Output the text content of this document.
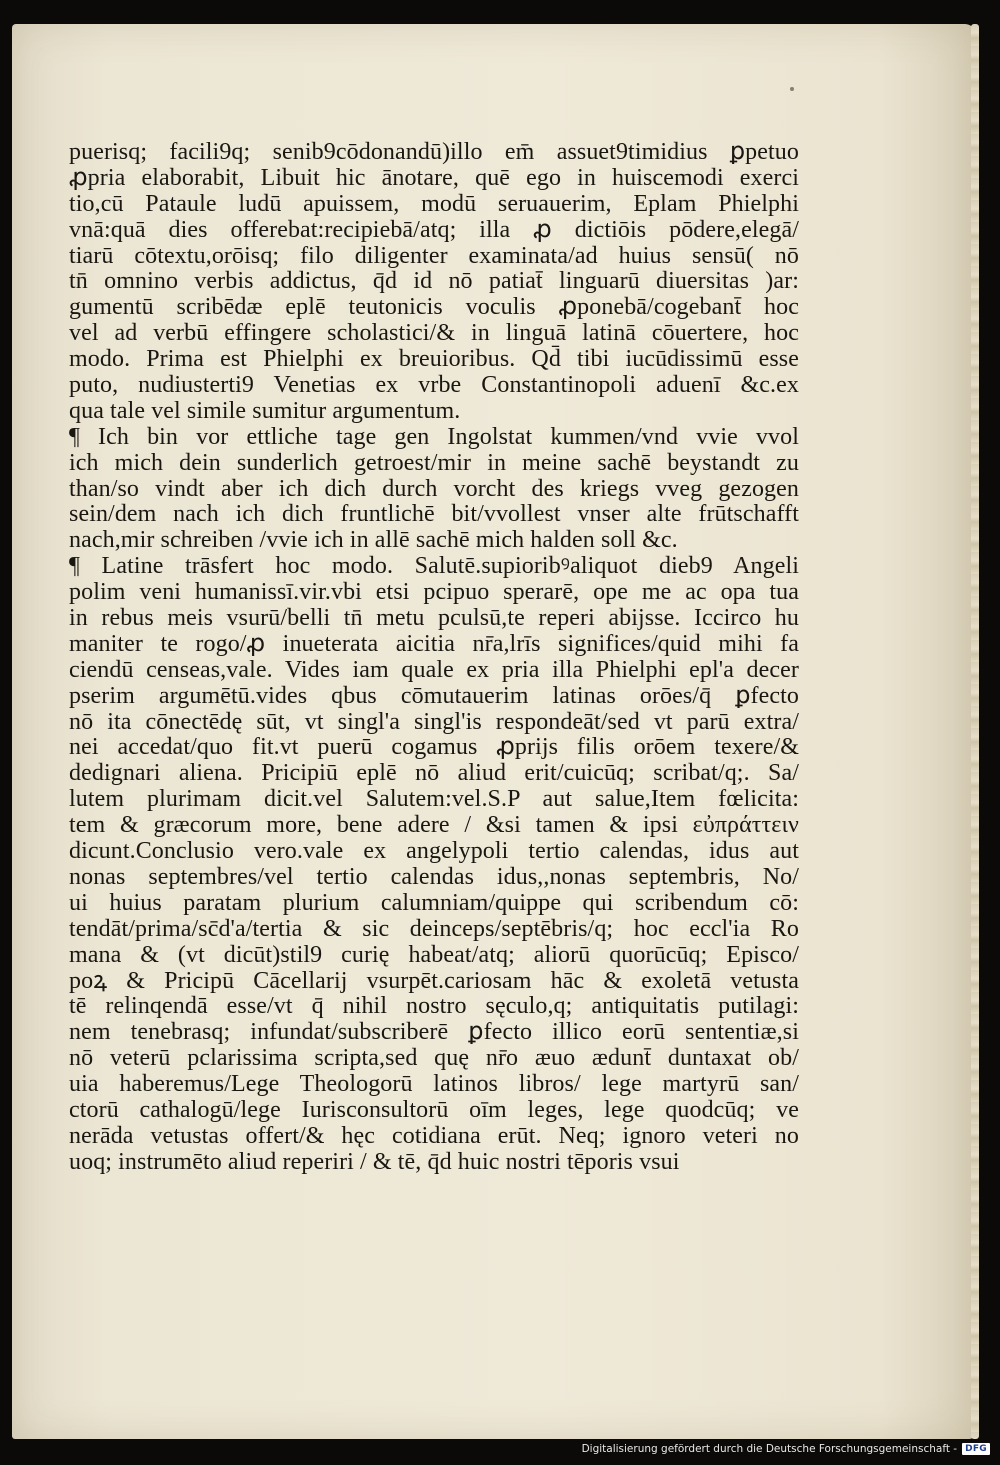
puerisq; facili9q; senib9cōdonandū)illo em̄ assuet9timidius ꝑpetuo
ꝓpria elaborabit, Libuit hic ānotare, quē ego in huiscemodi exerci
tio,cū Pataule ludū apuissem, modū seruauerim, Eplam Phielphi
vnā:quā dies offerebat:recipiebā/atq; illa ꝓ dictiōis pōdere,elegā/
tiarū cōtextu,orōisq; filo diligenter examinata/ad huius sensū( nō
tn̄ omnino verbis addictus, q̄d id nō patiat̄ linguarū diuersitas )ar:
gumentū scribēdæ eplē teutonicis voculis ꝓponebā/cogebant̄ hoc
vel ad verbū effingere scholastici/& in linguā latinā cōuertere, hoc
modo. Prima est Phielphi ex breuioribus. Qd̄ tibi iucūdissimū esse
puto, nudiusterti9 Venetias ex vrbe Constantinopoli aduenī &c.ex
qua tale vel simile sumitur argumentum.
¶ Ich bin vor ettliche tage gen Ingolstat kummen/vnd vvie vvol
ich mich dein sunderlich getroest/mir in meine sachē beystandt zu
than/so vindt aber ich dich durch vorcht des kriegs vveg gezogen
sein/dem nach ich dich fruntlichē bit/vvollest vnser alte frūtschafft
nach,mir schreiben /vvie ich in allē sachē mich halden soll &c.
¶ Latine trāsfert hoc modo. Salutē.supioribꝰaliquot dieb9 Angeli
polim veni humanissī.vir.vbi etsi pcipuo sperarē, ope me ac opa tua
in rebus meis vsurū/belli tn̄ metu pculsū,te reperi abijsse. Iccirco hu
maniter te rogo/ꝓ inueterata aicitia nr̄a,lrīs significes/quid mihi fa
ciendū censeas,vale. Vides iam quale ex pria illa Phielphi epl'a decer
pserim argumētū.vides qbus cōmutauerim latinas orōes/q̄ ꝑfecto
nō ita cōnectēdę sūt, vt singl'a singl'is respondeāt/sed vt parū extra/
nei accedat/quo fit.vt puerū cogamus ꝓprijs filis orōem texere/&
dedignari aliena. Pricipiū eplē nō aliud erit/cuicūq; scribat/q;. Sa/
lutem plurimam dicit.vel Salutem:vel.S.P aut salue,Item fœlicita:
tem & græcorum more, bene adere / &si tamen & ipsi εὐπράττειν
dicunt.Conclusio vero.vale ex angelypoli tertio calendas, idus aut
nonas septembres/vel tertio calendas idus,,nonas septembris, No/
ui huius paratam plurium calumniam/quippe qui scribendum cō:
tendāt/prima/sc̄d'a/tertia & sic deinceps/septēbris/q; hoc eccl'ia Ro
mana & (vt dicūt)stil9 curię habeat/atq; aliorū quorūcūq; Episco/
poꝝ & Pricipū Cācellarij vsurpēt.cariosam hāc & exoletā vetusta
tē relinqendā esse/vt q̄ nihil nostro sęculo,q; antiquitatis putilagi:
nem tenebrasq; infundat/subscriberē ꝑfecto illico eorū sententiæ,si
nō veterū pclarissima scripta,sed quę nr̄o æuo ædunt̄ duntaxat ob/
uia haberemus/Lege Theologorū latinos libros/ lege martyrū san/
ctorū cathalogū/lege Iurisconsultorū oīm leges, lege quodcūq; ve
nerāda vetustas offert/& hęc cotidiana erūt. Neq; ignoro veteri no
uoq; instrumēto aliud reperiri / & tē, q̄d huic nostri tēporis vsui
Digitalisierung gefördert durch die Deutsche Forschungsgemeinschaft - DFG
